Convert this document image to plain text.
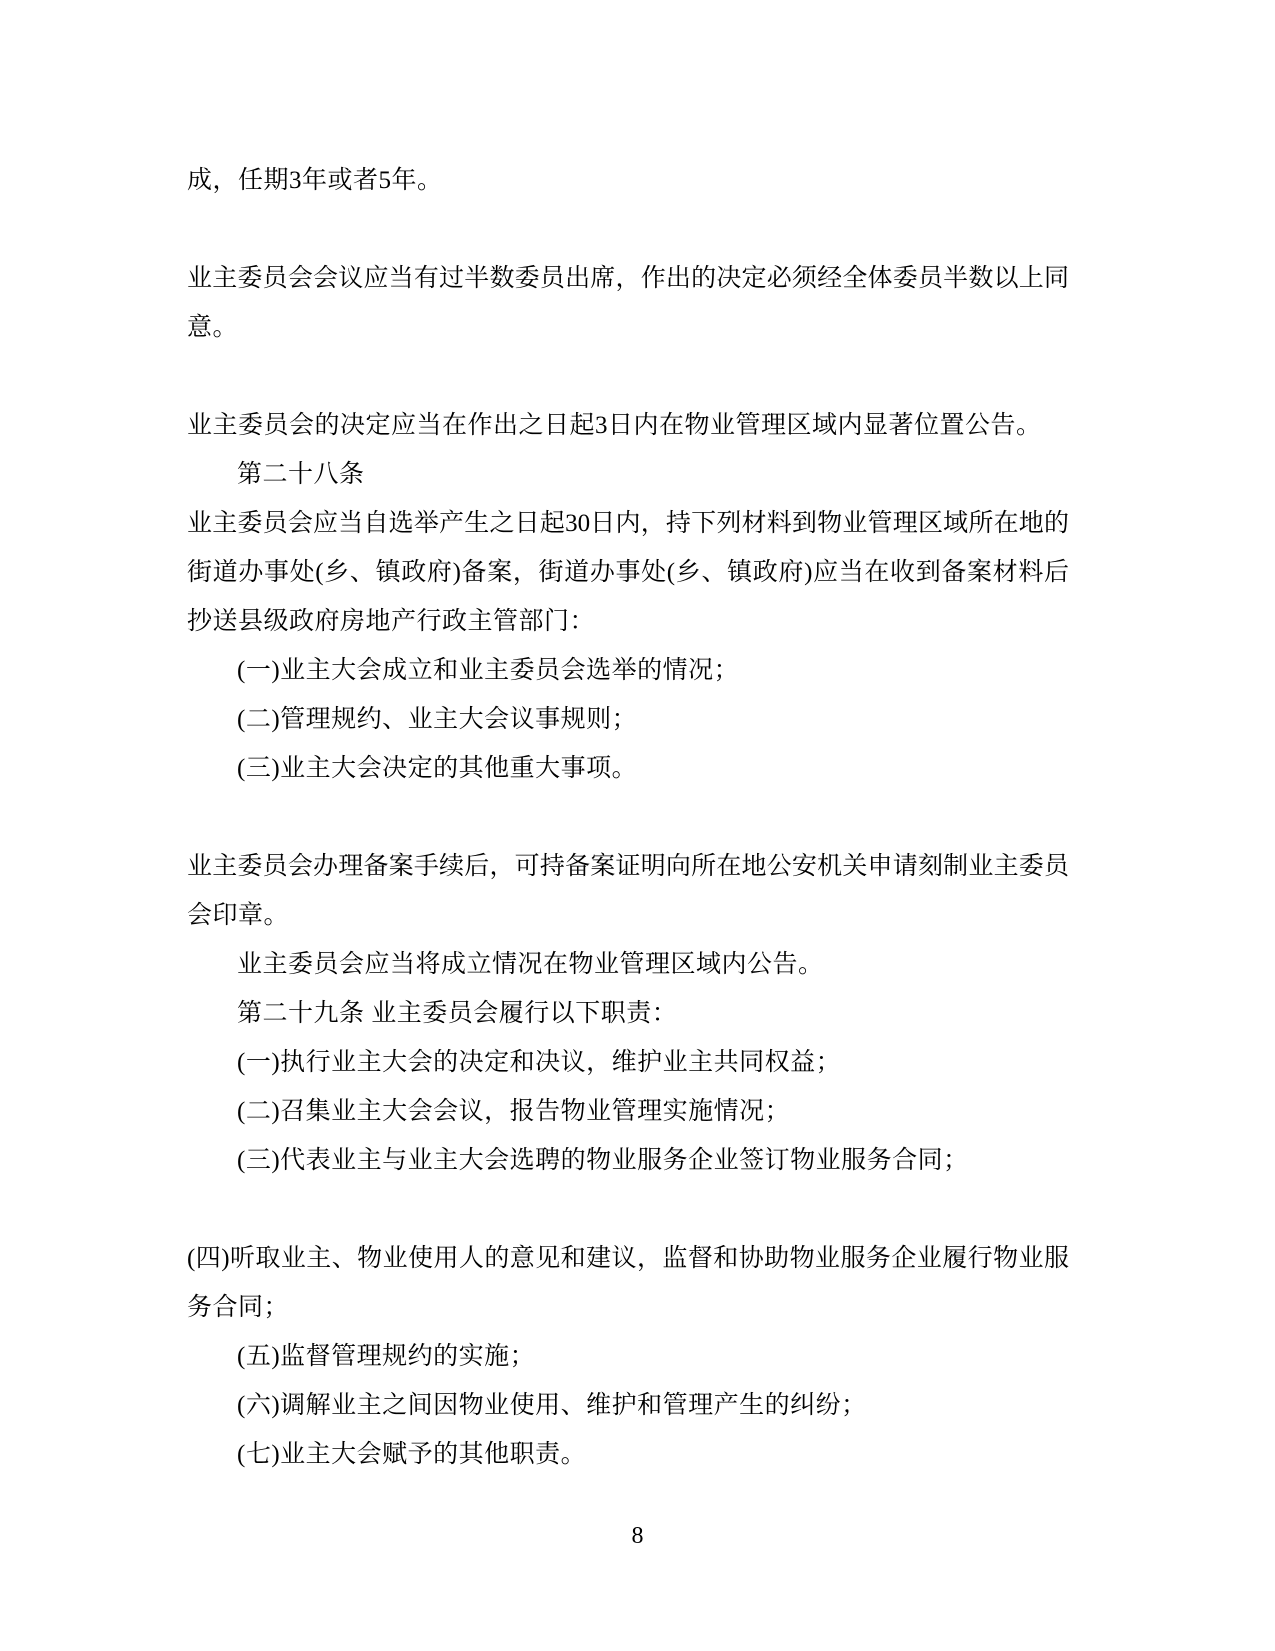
成，任期3年或者5年。
业主委员会会议应当有过半数委员出席，作出的决定必须经全体委员半数以上同
意。
业主委员会的决定应当在作出之日起3日内在物业管理区域内显著位置公告。
第二十八条
业主委员会应当自选举产生之日起30日内，持下列材料到物业管理区域所在地的
街道办事处(乡、镇政府)备案，街道办事处(乡、镇政府)应当在收到备案材料后
抄送县级政府房地产行政主管部门：
(一)业主大会成立和业主委员会选举的情况；
(二)管理规约、业主大会议事规则；
(三)业主大会决定的其他重大事项。
业主委员会办理备案手续后，可持备案证明向所在地公安机关申请刻制业主委员
会印章。
业主委员会应当将成立情况在物业管理区域内公告。
第二十九条 业主委员会履行以下职责：
(一)执行业主大会的决定和决议，维护业主共同权益；
(二)召集业主大会会议，报告物业管理实施情况；
(三)代表业主与业主大会选聘的物业服务企业签订物业服务合同；
(四)听取业主、物业使用人的意见和建议，监督和协助物业服务企业履行物业服
务合同；
(五)监督管理规约的实施；
(六)调解业主之间因物业使用、维护和管理产生的纠纷；
(七)业主大会赋予的其他职责。
8
